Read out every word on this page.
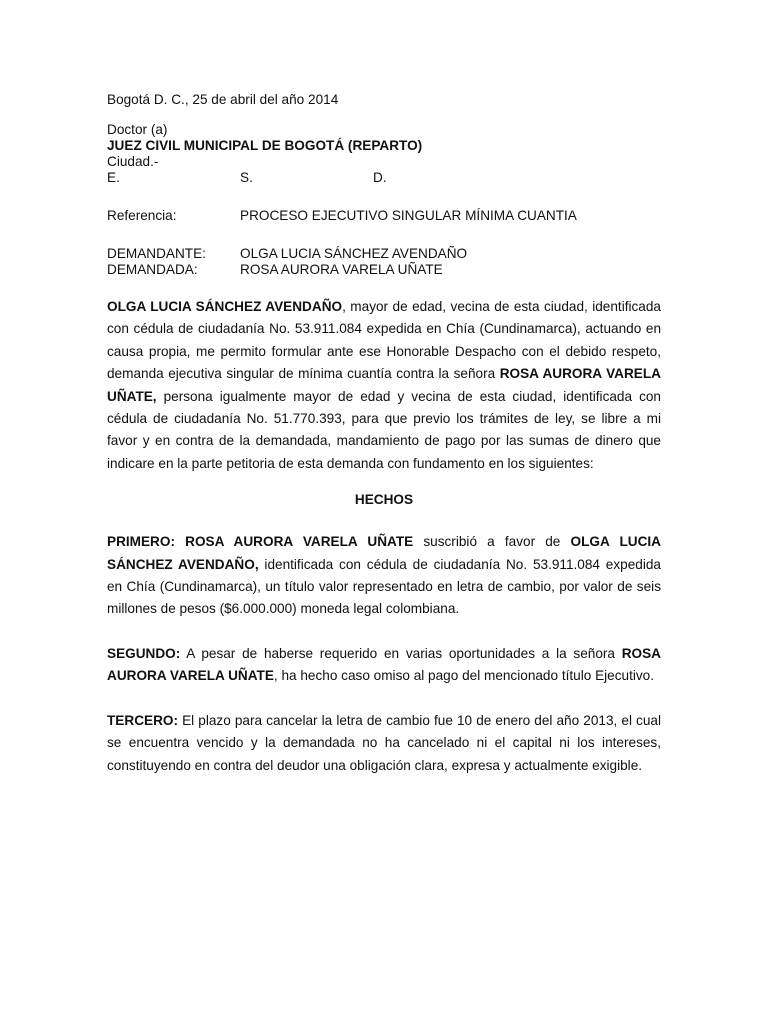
Bogotá D. C., 25 de abril del año 2014
Doctor (a)
JUEZ CIVIL MUNICIPAL DE BOGOTÁ (REPARTO)
Ciudad.-
E.	S.	D.
Referencia:	PROCESO EJECUTIVO SINGULAR MÍNIMA CUANTIA
DEMANDANTE:	OLGA LUCIA SÁNCHEZ AVENDAÑO
DEMANDADA:	ROSA AURORA VARELA UÑATE

OLGA LUCIA SÁNCHEZ AVENDAÑO, mayor de edad, vecina de esta ciudad, identificada con cédula de ciudadanía No. 53.911.084 expedida en Chía (Cundinamarca), actuando en causa propia, me permito formular ante ese Honorable Despacho con el debido respeto, demanda ejecutiva singular de mínima cuantía contra la señora ROSA AURORA VARELA UÑATE, persona igualmente mayor de edad y vecina de esta ciudad, identificada con cédula de ciudadanía No. 51.770.393, para que previo los trámites de ley, se libre a mi favor y en contra de la demandada, mandamiento de pago por las sumas de dinero que indicare en la parte petitoria de esta demanda con fundamento en los siguientes:

HECHOS

PRIMERO: ROSA AURORA VARELA UÑATE suscribió a favor de OLGA LUCIA SÁNCHEZ AVENDAÑO, identificada con cédula de ciudadanía No. 53.911.084 expedida en Chía (Cundinamarca), un título valor representado en letra de cambio, por valor de seis millones de pesos ($6.000.000) moneda legal colombiana.

SEGUNDO: A pesar de haberse requerido en varias oportunidades a la señora ROSA AURORA VARELA UÑATE, ha hecho caso omiso al pago del mencionado título Ejecutivo.

TERCERO: El plazo para cancelar la letra de cambio fue 10 de enero del año 2013, el cual se encuentra vencido y la demandada no ha cancelado ni el capital ni los intereses, constituyendo en contra del deudor una obligación clara, expresa y actualmente exigible.
